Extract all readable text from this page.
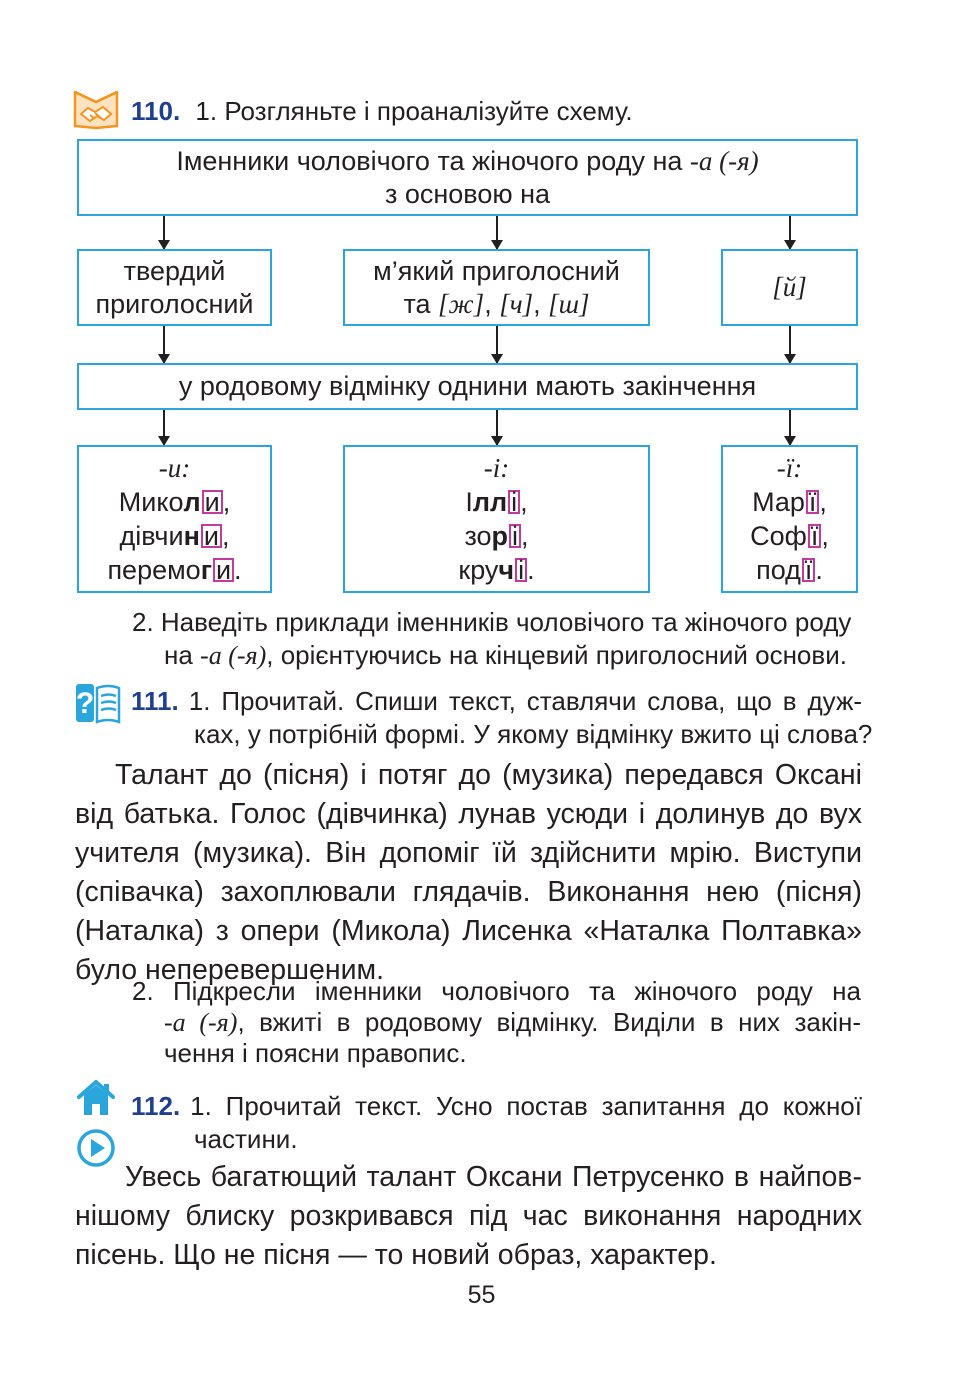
110. 1. Розгляньте і проаналізуйте схему.
Іменники чоловічого та жіночого роду на -а (-я)
з основою на
твердий
приголосний
м’який приголосний
та [ж], [ч], [ш]
[й]
у родовому відмінку однини мають закінчення
-и:
Микол и ,
дівчин и ,
перемог и .
-і:
Ілл і ,
зор і ,
круч і .
-ї:
Мар ї ,
Соф ї ,
под ї .
2. Наведіть приклади іменників чоловічого та жіночого роду
на -а (-я), орієнтуючись на кінцевий приголосний основи.
? 111. 1. Прочитай. Спиши текст, ставлячи слова, що в дуж-
ках, у потрібній формі. У якому відмінку вжито ці слова?
Талант до (пісня) і потяг до (музика) передався Оксані
від батька. Голос (дівчинка) лунав усюди і долинув до вух
учителя (музика). Він допоміг їй здійснити мрію. Виступи
(співачка) захоплювали глядачів. Виконання нею (пісня)
(Наталка) з опери (Микола) Лисенка «Наталка Полтавка»
було неперевершеним.
2. Підкресли іменники чоловічого та жіночого роду на
-а (-я), вжиті в родовому відмінку. Виділи в них закін-
чення і поясни правопис.
112. 1. Прочитай текст. Усно постав запитання до кожної
частини.
Увесь багатющий талант Оксани Петрусенко в найпов-
нішому блиску розкривався під час виконання народних
пісень. Що не пісня — то новий образ, характер.
55
